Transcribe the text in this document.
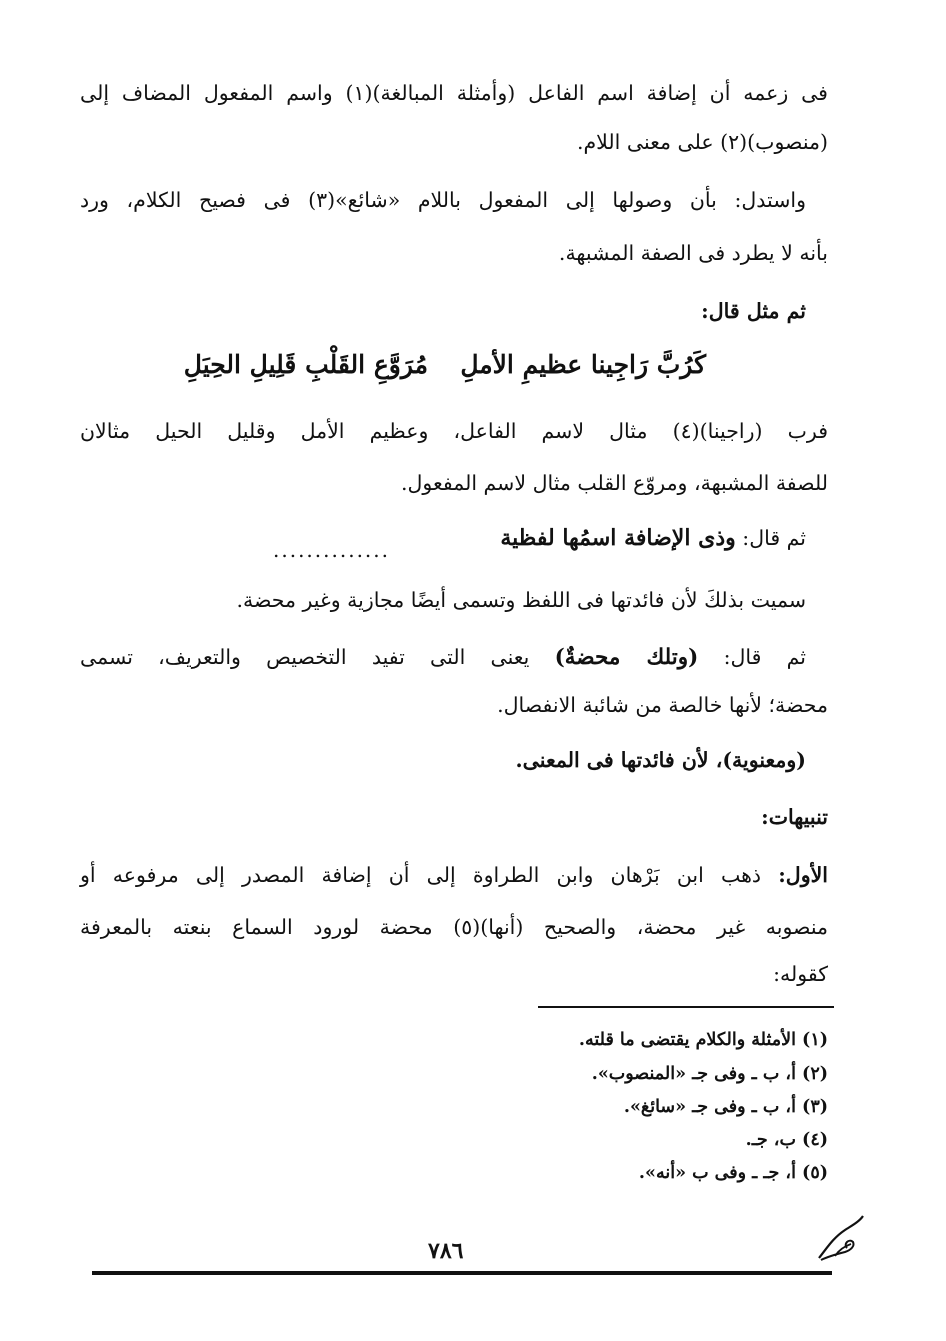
فى زعمه أن إضافة اسم الفاعل (وأمثلة المبالغة)(١) واسم المفعول المضاف إلى
(منصوب)(٢) على معنى اللام.
واستدل: بأن وصولها إلى المفعول باللام «شائع»(٣) فى فصيح الكلام، ورد
بأنه لا يطرد فى الصفة المشبهة.
ثم مثل قال:
كَرُبَّ رَاجِينا عظيمِ الأملِ
مُرَوَّعِ القَلْبِ قَلِيلِ الحِيَلِ
فرب (راجينا)(٤) مثال لاسم الفاعل، وعظيم الأمل وقليل الحيل مثالان
للصفة المشبهة، ومروّع القلب مثال لاسم المفعول.
ثم قال: وذى الإضافة اسمُها لفظية
..............
سميت بذلكَ لأن فائدتها فى اللفظ وتسمى أيضًا مجازية وغير محضة.
ثم قال: (وتلك محضةٌ) يعنى التى تفيد التخصيص والتعريف، تسمى
محضة؛ لأنها خالصة من شائبة الانفصال.
(ومعنوية)، لأن فائدتها فى المعنى.
تنبيهات:
الأول: ذهب ابن بَرْهان وابن الطراوة إلى أن إضافة المصدر إلى مرفوعه أو
منصوبه غير محضة، والصحيح (أنها)(٥) محضة لورود السماع بنعته بالمعرفة
كقوله:
(١) الأمثلة والكلام يقتضى ما قلته.
(٢) أ، ب ـ وفى جـ «المنصوب».
(٣) أ، ب ـ وفى جـ «سائغ».
(٤) ب، جـ.
(٥) أ، جـ ـ وفى ب «أنه».
٧٨٦
